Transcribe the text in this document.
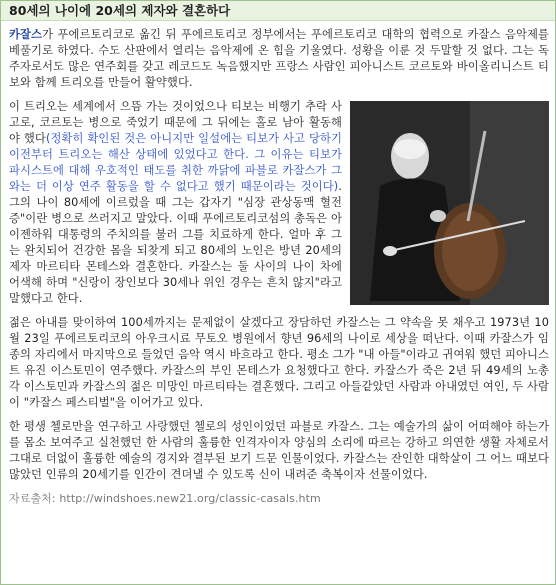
80세의 나이에 20세의 제자와 결혼하다

카잘스가 푸에르토리코로 옮긴 뒤 푸에르토리코 정부에서는 푸에르토리코 대학의 협력으로 카잘스 음악제를 베풀기로 하였다. 수도 산판에서 열리는 음악제에 온 힘을 기울였다. 성황을 이룬 것 두말할 것 없다. 그는 독주자로서도 많은 연주회를 갖고 레코드도 녹음했지만 프랑스 사람인 피아니스트 코르토와 바이올리니스트 티보와 함께 트리오를 만들어 활약했다.

이 트리오는 세계에서 으뜸 가는 것이었으나 티보는 비행기 추락 사고로, 코르토는 병으로 죽었기 때문에 그 뒤에는 홀로 남아 활동해야 했다(정확히 확인된 것은 아니지만 일설에는 티보가 사고 당하기 이전부터 트리오는 해산 상태에 있었다고 한다. 그 이유는 티보가 파시스트에 대해 우호적인 태도를 취한 까닭에 파블로 카잘스가 그와는 더 이상 연주 활동을 할 수 없다고 했기 때문이라는 것이다). 그의 나이 80세에 이르렀을 때 그는 갑자기 "심장 관상동맥 혈전증"이란 병으로 쓰러지고 말았다. 이때 푸에르토리코섬의 총독은 아이젠하워 대통령의 주치의를 불러 그를 치료하게 한다. 얼마 후 그는 완치되어 건강한 몸을 되찾게 되고 80세의 노인은 방년 20세의 제자 마르티타 몬테스와 결혼한다. 카잘스는 둘 사이의 나이 차에 어색해 하며 "신랑이 장인보다 30세나 위인 경우는 흔치 않지"라고 말했다고 한다.

젊은 아내를 맞이하여 100세까지는 문제없이 살겠다고 장담하던 카잘스는 그 약속을 못 채우고 1973년 10월 23일 푸에르토리코의 아우크시료 무토오 병원에서 향년 96세의 나이로 세상을 떠난다. 이때 카잘스가 임종의 자리에서 마지막으로 들었던 음악 역시 바흐라고 한다. 평소 그가 "내 아들"이라고 귀여워 했던 피아니스트 유진 이스토민이 연주했다. 카잘스의 부인 몬테스가 요청했다고 한다. 카잘스가 죽은 2년 뒤 49세의 노총각 이스토민과 카잘스의 젊은 미망인 마르티타는 결혼했다. 그리고 아들같았던 사람과 아내였던 여인, 두 사람이 "카잘스 페스티벌"을 이어가고 있다.

한 평생 첼로만을 연구하고 사랑했던 첼로의 성인이었던 파블로 카잘스. 그는 예술가의 삶이 어떠해야 하는가를 몸소 보여주고 실천했던 한 사람의 훌륭한 인격자이자 양심의 소리에 따르는 강하고 의연한 생활 자체로서 그대로 더없이 훌륭한 예술의 경지와 결부된 보기 드문 인물이었다. 카잘스는 잔인한 대학살이 그 어느 때보다 많았던 인류의 20세기를 인간이 견뎌낼 수 있도록 신이 내려준 축복이자 선물이었다.

자료출처: http://windshoes.new21.org/classic-casals.htm
